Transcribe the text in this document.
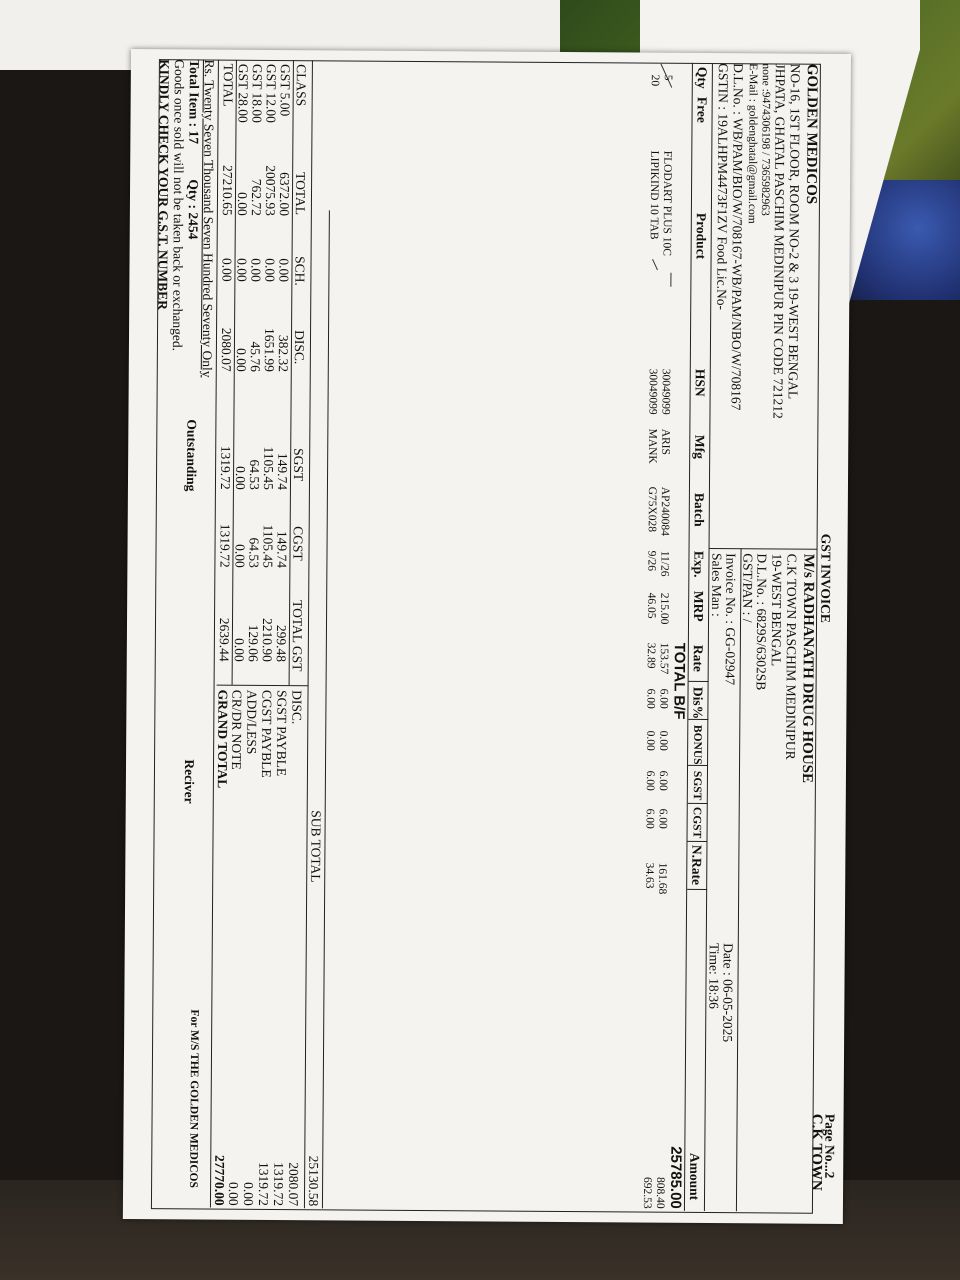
GST INVOICE
Page No...2
C.K TOWN
GOLDEN MEDICOS
NO-16, 1ST FLOOR, ROOM NO-2 & 3 19-WEST BENGAL
JHPATA, GHATAL PASCHIM MEDINIPUR PIN CODE 721212
none :9474306198 / 7365982963
E-Mail : goldenghatal@gmail.com
D.L.No. : WB/PAM/BIO/W/708167-WB/PAM/NBO/W/708167
GSTIN : 19ALHPM4473F1ZV Food Lic.No-
M/s RADHANATH DRUG HOUSE
C.K TOWN PASCHIM MEDINIPUR
19-WEST BENGAL
D.L.No. : 6829S/6302SB
GST/PAN : /
Invoice No. : GG-02947
Sales Man :
Date : 06-05-2025
Time: 18:36
Qty
Free
Product
HSN
Mfg
Batch
Exp.
MRP
Rate
Dis%
BONUS
SGST
CGST
N.Rate
Amount
TOTAL B/F
25785.00
5
FLODART PLUS 10C
30049099
ARIS
AP240084
11/26
215.00
153.57
6.00
0.00
6.00
6.00
161.68
808.40
20
LIPIKIND 10 TAB
30049099
MANK
G75X028
9/26
46.05
32.89
6.00
0.00
6.00
6.00
34.63
692.53
SUB TOTAL
25130.58
CLASS
TOTAL
SCH.
DISC.
SGST
CGST
TOTAL GST
GST 5.00
6372.00
0.00
382.32
149.74
149.74
299.48
GST 12.00
20075.93
0.00
1651.99
1105.45
1105.45
2210.90
GST 18.00
762.72
0.00
45.76
64.53
64.53
129.06
GST 28.00
0.00
0.00
0.00
0.00
0.00
0.00
TOTAL
27210.65
0.00
2080.07
1319.72
1319.72
2639.44
DISC.
2080.07
SGST PAYBLE
1319.72
CGST PAYBLE
1319.72
ADD/LESS
0.00
CR/DR NOTE
0.00
GRAND TOTAL
27770.00
Rs. Twenty Seven Thousand Seven Hundred Seventy Only
Total Item : 17
Qty : 2454
Outstanding
Reciver
For M/S THE GOLDEN MEDICOS
Goods once sold will not be taken back or exchanged.
KINDLY CHECK YOUR G.S.T. NUMBER
